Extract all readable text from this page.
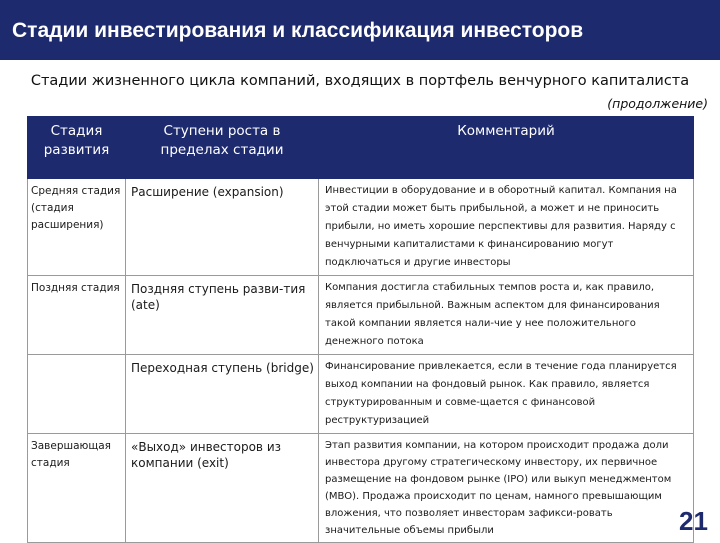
Стадии инвестирования и классификация инвесторов
Стадии жизненного цикла компаний, входящих в портфель венчурного капиталиста
(продолжение)
Стадия развития	Ступени роста в пределах стадии	Комментарий
Средняя стадия (стадия расширения)	Расширение (expansion)	Инвестиции в оборудование и в оборотный капитал. Компания на этой стадии может быть прибыльной, а может и не приносить прибыли, но иметь хорошие перспективы для развития. Наряду с венчурными капиталистами к финансированию могут подключаться и другие инвесторы
Поздняя стадия	Поздняя ступень разви-тия (ate)	Компания достигла стабильных темпов роста и, как правило, является прибыльной. Важным аспектом для финансирования такой компании является нали-чие у нее положительного денежного потока
	Переходная ступень (bridge)	Финансирование привлекается, если в течение года планируется выход компании на фондовый рынок. Как правило, является структурированным и совме-щается с финансовой реструктуризацией
Завершающая стадия	«Выход» инвесторов из компании (exit)	Этап развития компании, на котором происходит продажа доли инвестора другому стратегическому инвестору, их первичное размещение на фондовом рынке (IPO) или выкуп менеджментом (MBO). Продажа происходит по ценам, намного превышающим вложения, что позволяет инвесторам зафикси-ровать значительные объемы прибыли	21
